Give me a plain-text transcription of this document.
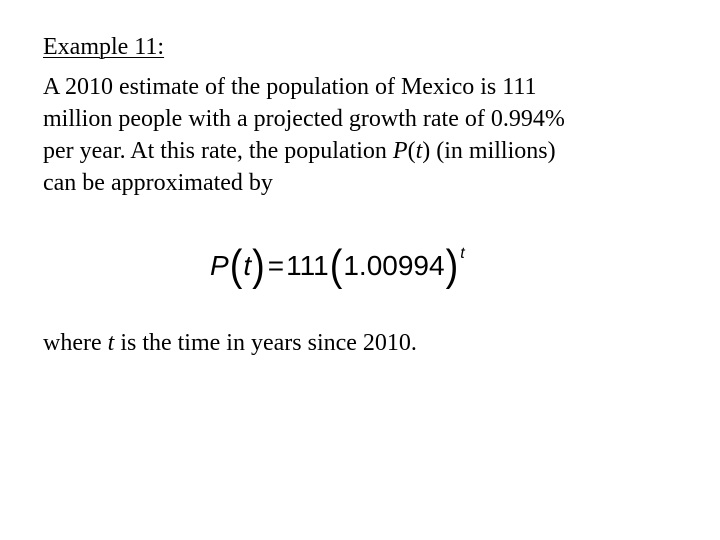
Example 11:
A 2010 estimate of the population of Mexico is 111
million people with a projected growth rate of 0.994%
per year. At this rate, the population P(t) (in millions)
can be approximated by
P ( t ) = 111 ( 1.00994 )$^t$
where t is the time in years since 2010.
